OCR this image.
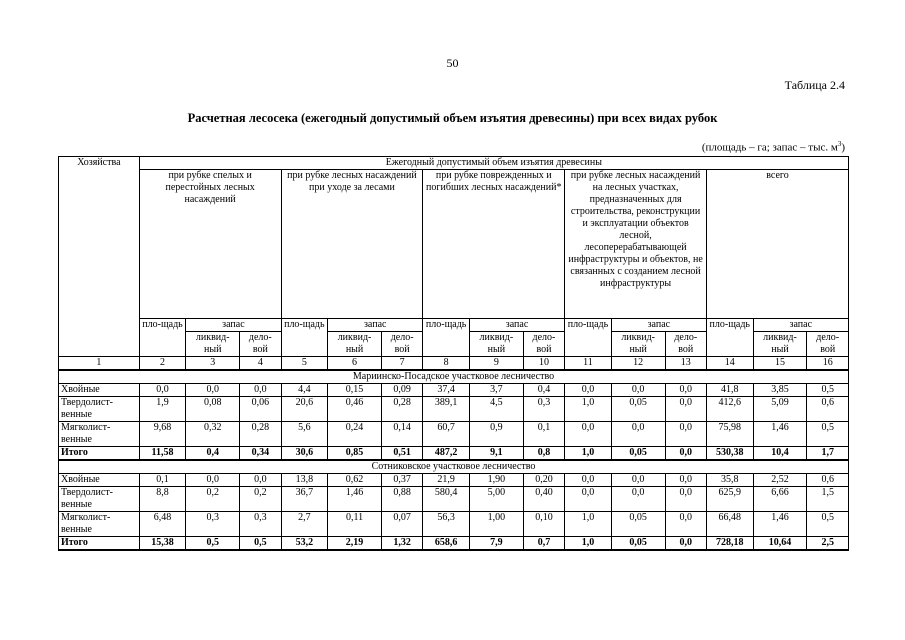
50
Таблица 2.4
Расчетная лесосека (ежегодный допустимый объем изъятия древесины) при всех видах рубок
(площадь – га; запас – тыс. $м^3$)
Хозяйства	Ежегодный допустимый объем изъятия древесины														
	при рубке спелых и перестойных лесных насаждений			при рубке лесных насаждений при уходе за лесами			при рубке поврежденных и погибших лесных насаждений*			при рубке лесных насаждений на лесных участках, предназначенных для строительства, реконструкции и эксплуатации объектов лесной, лесоперерабатывающей инфраструктуры и объектов, не связанных с созданием лесной инфраструктуры			всего		
	пло-щадь	запас		пло-щадь	запас		пло-щадь	запас		пло-щадь	запас		пло-щадь	запас	
		ликвид-ный	дело-вой		ликвид-ный	дело-вой		ликвид-ный	дело-вой		ликвид-ный	дело-вой		ликвид-ный	дело-вой
1	2	3	4	5	6	7	8	9	10	11	12	13	14	15	16
Мариинско-Посадское участковое лесничество															
Хвойные	0,0	0,0	0,0	4,4	0,15	0,09	37,4	3,7	0,4	0,0	0,0	0,0	41,8	3,85	0,5
Твердолист-венные	1,9	0,08	0,06	20,6	0,46	0,28	389,1	4,5	0,3	1,0	0,05	0,0	412,6	5,09	0,6
Мягколист-венные	9,68	0,32	0,28	5,6	0,24	0,14	60,7	0,9	0,1	0,0	0,0	0,0	75,98	1,46	0,5
Итого	11,58	0,4	0,34	30,6	0,85	0,51	487,2	9,1	0,8	1,0	0,05	0,0	530,38	10,4	1,7
Сотниковское участковое лесничество															
Хвойные	0,1	0,0	0,0	13,8	0,62	0,37	21,9	1,90	0,20	0,0	0,0	0,0	35,8	2,52	0,6
Твердолист-венные	8,8	0,2	0,2	36,7	1,46	0,88	580,4	5,00	0,40	0,0	0,0	0,0	625,9	6,66	1,5
Мягколист-венные	6,48	0,3	0,3	2,7	0,11	0,07	56,3	1,00	0,10	1,0	0,05	0,0	66,48	1,46	0,5
Итого	15,38	0,5	0,5	53,2	2,19	1,32	658,6	7,9	0,7	1,0	0,05	0,0	728,18	10,64	2,5
